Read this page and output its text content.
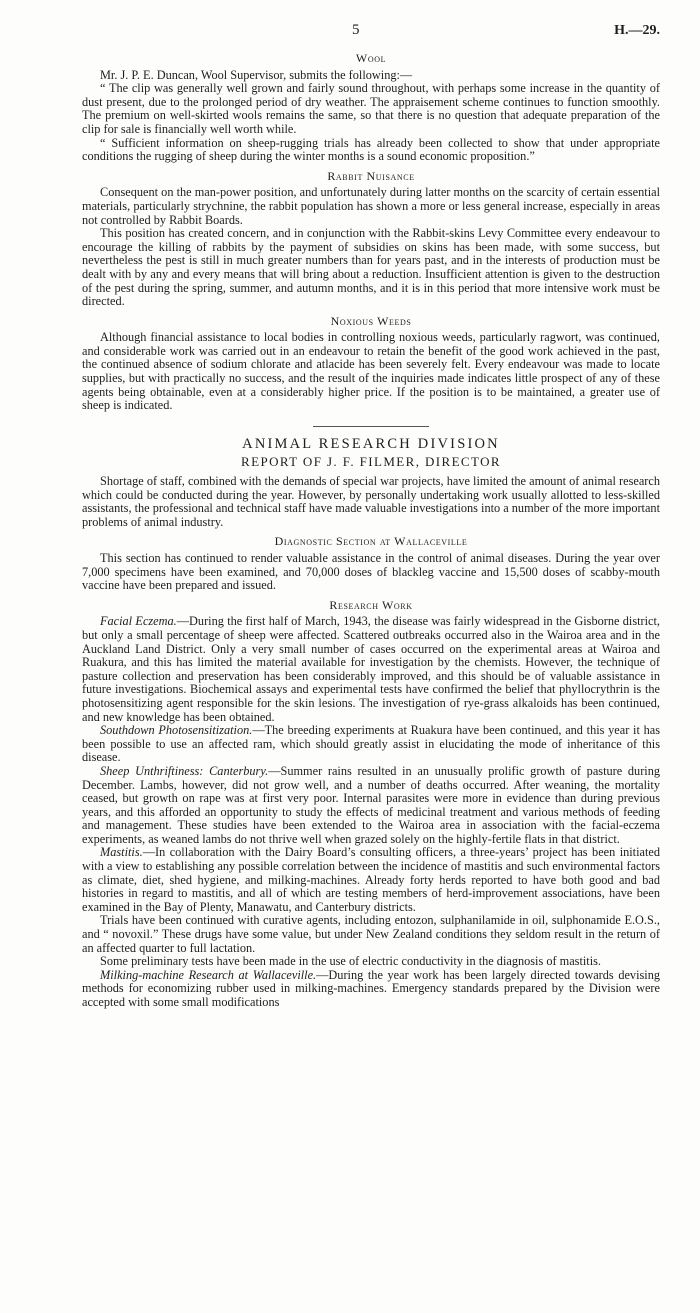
5	H.—29.
Wool

Mr. J. P. E. Duncan, Wool Supervisor, submits the following:—

“ The clip was generally well grown and fairly sound throughout, with perhaps some increase in the quantity of dust present, due to the prolonged period of dry weather. The appraisement scheme continues to function smoothly. The premium on well-skirted wools remains the same, so that there is no question that adequate preparation of the clip for sale is financially well worth while.

“ Sufficient information on sheep-rugging trials has already been collected to show that under appropriate conditions the rugging of sheep during the winter months is a sound economic proposition.”

Rabbit Nuisance

Consequent on the man-power position, and unfortunately during latter months on the scarcity of certain essential materials, particularly strychnine, the rabbit population has shown a more or less general increase, especially in areas not controlled by Rabbit Boards.

This position has created concern, and in conjunction with the Rabbit-skins Levy Committee every endeavour to encourage the killing of rabbits by the payment of subsidies on skins has been made, with some success, but nevertheless the pest is still in much greater numbers than for years past, and in the interests of production must be dealt with by any and every means that will bring about a reduction. Insufficient attention is given to the destruction of the pest during the spring, summer, and autumn months, and it is in this period that more intensive work must be directed.

Noxious Weeds

Although financial assistance to local bodies in controlling noxious weeds, particularly ragwort, was continued, and considerable work was carried out in an endeavour to retain the benefit of the good work achieved in the past, the continued absence of sodium chlorate and atlacide has been severely felt. Every endeavour was made to locate supplies, but with practically no success, and the result of the inquiries made indicates little prospect of any of these agents being obtainable, even at a considerably higher price. If the position is to be maintained, a greater use of sheep is indicated.

ANIMAL RESEARCH DIVISION
REPORT OF J. F. FILMER, DIRECTOR

Shortage of staff, combined with the demands of special war projects, have limited the amount of animal research which could be conducted during the year. However, by personally undertaking work usually allotted to less-skilled assistants, the professional and technical staff have made valuable investigations into a number of the more important problems of animal industry.

Diagnostic Section at Wallaceville

This section has continued to render valuable assistance in the control of animal diseases. During the year over 7,000 specimens have been examined, and 70,000 doses of blackleg vaccine and 15,500 doses of scabby-mouth vaccine have been prepared and issued.

Research Work

Facial Eczema.—During the first half of March, 1943, the disease was fairly widespread in the Gisborne district, but only a small percentage of sheep were affected. Scattered outbreaks occurred also in the Wairoa area and in the Auckland Land District. Only a very small number of cases occurred on the experimental areas at Wairoa and Ruakura, and this has limited the material available for investigation by the chemists. However, the technique of pasture collection and preservation has been considerably improved, and this should be of valuable assistance in future investigations. Biochemical assays and experimental tests have confirmed the belief that phyllocrythrin is the photosensitizing agent responsible for the skin lesions. The investigation of rye-grass alkaloids has been continued, and new knowledge has been obtained.

Southdown Photosensitization.—The breeding experiments at Ruakura have been continued, and this year it has been possible to use an affected ram, which should greatly assist in elucidating the mode of inheritance of this disease.

Sheep Unthriftiness: Canterbury.—Summer rains resulted in an unusually prolific growth of pasture during December. Lambs, however, did not grow well, and a number of deaths occurred. After weaning, the mortality ceased, but growth on rape was at first very poor. Internal parasites were more in evidence than during previous years, and this afforded an opportunity to study the effects of medicinal treatment and various methods of feeding and management. These studies have been extended to the Wairoa area in association with the facial-eczema experiments, as weaned lambs do not thrive well when grazed solely on the highly-fertile flats in that district.

Mastitis.—In collaboration with the Dairy Board’s consulting officers, a three-years’ project has been initiated with a view to establishing any possible correlation between the incidence of mastitis and such environmental factors as climate, diet, shed hygiene, and milking-machines. Already forty herds reported to have both good and bad histories in regard to mastitis, and all of which are testing members of herd-improvement associations, have been examined in the Bay of Plenty, Manawatu, and Canterbury districts.

Trials have been continued with curative agents, including entozon, sulphanilamide in oil, sulphonamide E.O.S., and “ novoxil.” These drugs have some value, but under New Zealand conditions they seldom result in the return of an affected quarter to full lactation.

Some preliminary tests have been made in the use of electric conductivity in the diagnosis of mastitis.

Milking-machine Research at Wallaceville.—During the year work has been largely directed towards devising methods for economizing rubber used in milking-machines. Emergency standards prepared by the Division were accepted with some small modifications
